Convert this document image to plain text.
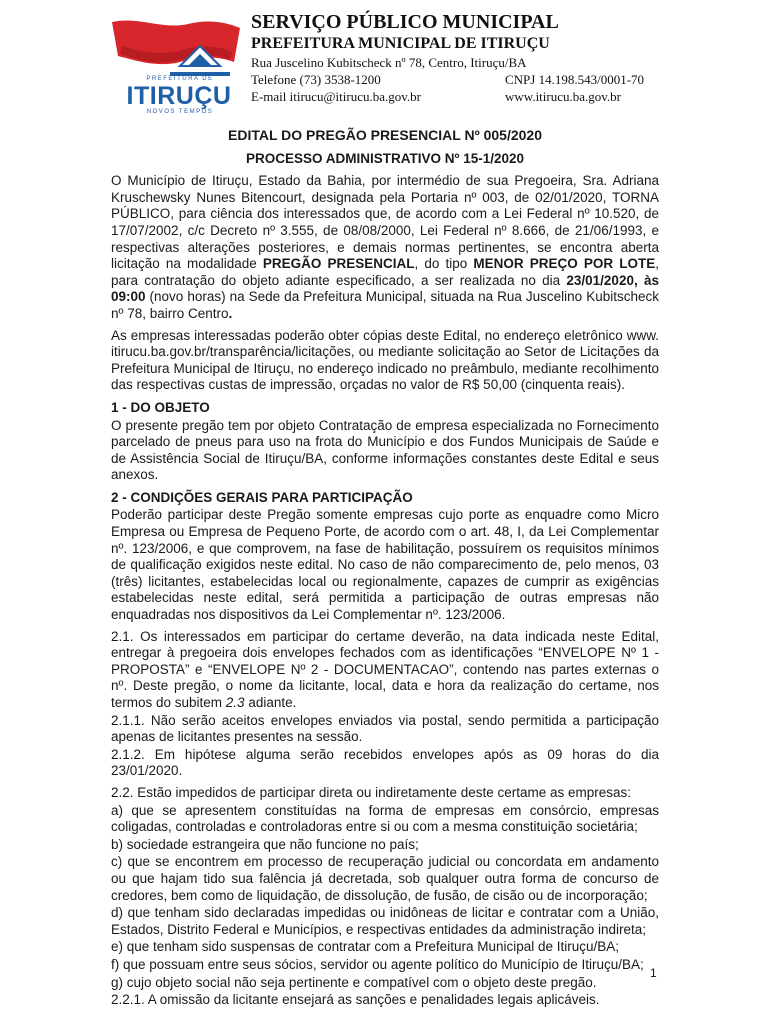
PREFEITURA DE
ITIRUÇU
NOVOS TEMPOS
SERVIÇO PÚBLICO MUNICIPAL
PREFEITURA MUNICIPAL DE ITIRUÇU
Rua Juscelino Kubitscheck nº 78, Centro, Itiruçu/BA
Telefone (73) 3538-1200	CNPJ 14.198.543/0001-70
E-mail itirucu@itirucu.ba.gov.br	www.itirucu.ba.gov.br
EDITAL DO PREGÃO PRESENCIAL Nº 005/2020
PROCESSO ADMINISTRATIVO Nº 15-1/2020

O Município de Itiruçu, Estado da Bahia, por intermédio de sua Pregoeira, Sra. Adriana Kruschewsky Nunes Bitencourt, designada pela Portaria nº 003, de 02/01/2020, TORNA PÚBLICO, para ciência dos interessados que, de acordo com a Lei Federal nº 10.520, de 17/07/2002, c/c Decreto nº 3.555, de 08/08/2000, Lei Federal nº 8.666, de 21/06/1993, e respectivas alterações posteriores, e demais normas pertinentes, se encontra aberta licitação na modalidade PREGÃO PRESENCIAL, do tipo MENOR PREÇO POR LOTE, para contratação do objeto adiante especificado, a ser realizada no dia 23/01/2020, às 09:00 (novo horas) na Sede da Prefeitura Municipal, situada na Rua Juscelino Kubitscheck nº 78, bairro Centro.

As empresas interessadas poderão obter cópias deste Edital, no endereço eletrônico www. itirucu.ba.gov.br/transparência/licitações, ou mediante solicitação ao Setor de Licitações da Prefeitura Municipal de Itiruçu, no endereço indicado no preâmbulo, mediante recolhimento das respectivas custas de impressão, orçadas no valor de R$ 50,00 (cinquenta reais).

1 - DO OBJETO

O presente pregão tem por objeto Contratação de empresa especializada no Fornecimento parcelado de pneus para uso na frota do Município e dos Fundos Municipais de Saúde e de Assistência Social de Itiruçu/BA, conforme informações constantes deste Edital e seus anexos.

2 - CONDIÇÕES GERAIS PARA PARTICIPAÇÃO

Poderão participar deste Pregão somente empresas cujo porte as enquadre como Micro Empresa ou Empresa de Pequeno Porte, de acordo com o art. 48, I, da Lei Complementar nº. 123/2006, e que comprovem, na fase de habilitação, possuírem os requisitos mínimos de qualificação exigidos neste edital. No caso de não comparecimento de, pelo menos, 03 (três) licitantes, estabelecidas local ou regionalmente, capazes de cumprir as exigências estabelecidas neste edital, será permitida a participação de outras empresas não enquadradas nos dispositivos da Lei Complementar nº. 123/2006.

2.1. Os interessados em participar do certame deverão, na data indicada neste Edital, entregar à pregoeira dois envelopes fechados com as identificações “ENVELOPE Nº 1 - PROPOSTA” e “ENVELOPE Nº 2 - DOCUMENTACAO”, contendo nas partes externas o nº. Deste pregão, o nome da licitante, local, data e hora da realização do certame, nos termos do subitem 2.3 adiante.

2.1.1. Não serão aceitos envelopes enviados via postal, sendo permitida a participação apenas de licitantes presentes na sessão.

2.1.2. Em hipótese alguma serão recebidos envelopes após as 09 horas do dia 23/01/2020.

2.2. Estão impedidos de participar direta ou indiretamente deste certame as empresas:

a) que se apresentem constituídas na forma de empresas em consórcio, empresas coligadas, controladas e controladoras entre si ou com a mesma constituição societária;

b) sociedade estrangeira que não funcione no país;

c) que se encontrem em processo de recuperação judicial ou concordata em andamento ou que hajam tido sua falência já decretada, sob qualquer outra forma de concurso de credores, bem como de liquidação, de dissolução, de fusão, de cisão ou de incorporação;

d) que tenham sido declaradas impedidas ou inidôneas de licitar e contratar com a União, Estados, Distrito Federal e Municípios, e respectivas entidades da administração indireta;

e) que tenham sido suspensas de contratar com a Prefeitura Municipal de Itiruçu/BA;

f) que possuam entre seus sócios, servidor ou agente político do Município de Itiruçu/BA;

g) cujo objeto social não seja pertinente e compatível com o objeto deste pregão.

2.2.1. A omissão da licitante ensejará as sanções e penalidades legais aplicáveis.

1
